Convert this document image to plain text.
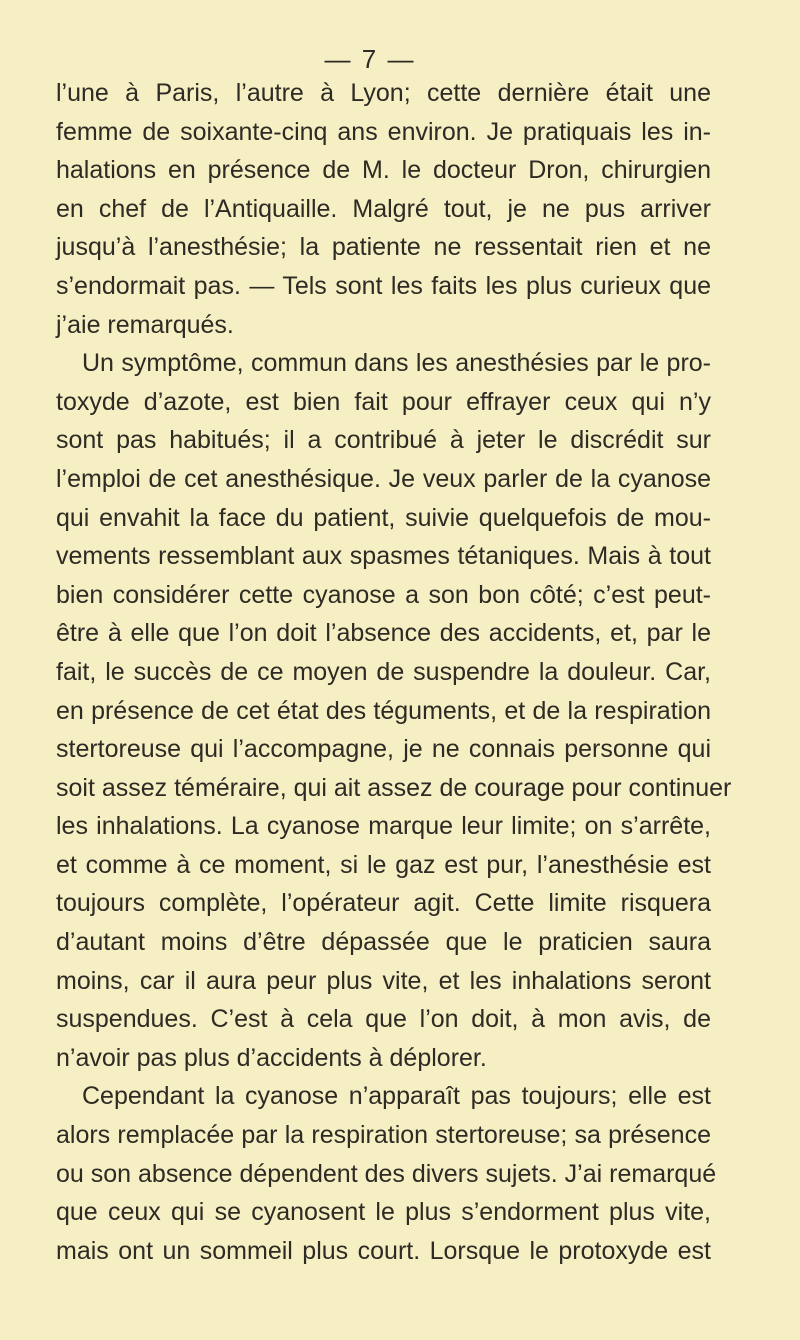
— 7 —
l’une à Paris, l’autre à Lyon; cette dernière était une
femme de soixante-cinq ans environ. Je pratiquais les in-
halations en présence de M. le docteur Dron, chirurgien
en chef de l’Antiquaille. Malgré tout, je ne pus arriver
jusqu’à l’anesthésie; la patiente ne ressentait rien et ne
s’endormait pas. — Tels sont les faits les plus curieux que
j’aie remarqués.
Un symptôme, commun dans les anesthésies par le pro-
toxyde d’azote, est bien fait pour effrayer ceux qui n’y
sont pas habitués; il a contribué à jeter le discrédit sur
l’emploi de cet anesthésique. Je veux parler de la cyanose
qui envahit la face du patient, suivie quelquefois de mou-
vements ressemblant aux spasmes tétaniques. Mais à tout
bien considérer cette cyanose a son bon côté; c’est peut-
être à elle que l’on doit l’absence des accidents, et, par le
fait, le succès de ce moyen de suspendre la douleur. Car,
en présence de cet état des téguments, et de la respiration
stertoreuse qui l’accompagne, je ne connais personne qui
soit assez téméraire, qui ait assez de courage pour continuer
les inhalations. La cyanose marque leur limite; on s’arrête,
et comme à ce moment, si le gaz est pur, l’anesthésie est
toujours complète, l’opérateur agit. Cette limite risquera
d’autant moins d’être dépassée que le praticien saura
moins, car il aura peur plus vite, et les inhalations seront
suspendues. C’est à cela que l’on doit, à mon avis, de
n’avoir pas plus d’accidents à déplorer.
Cependant la cyanose n’apparaît pas toujours; elle est
alors remplacée par la respiration stertoreuse; sa présence
ou son absence dépendent des divers sujets. J’ai remarqué
que ceux qui se cyanosent le plus s’endorment plus vite,
mais ont un sommeil plus court. Lorsque le protoxyde est
